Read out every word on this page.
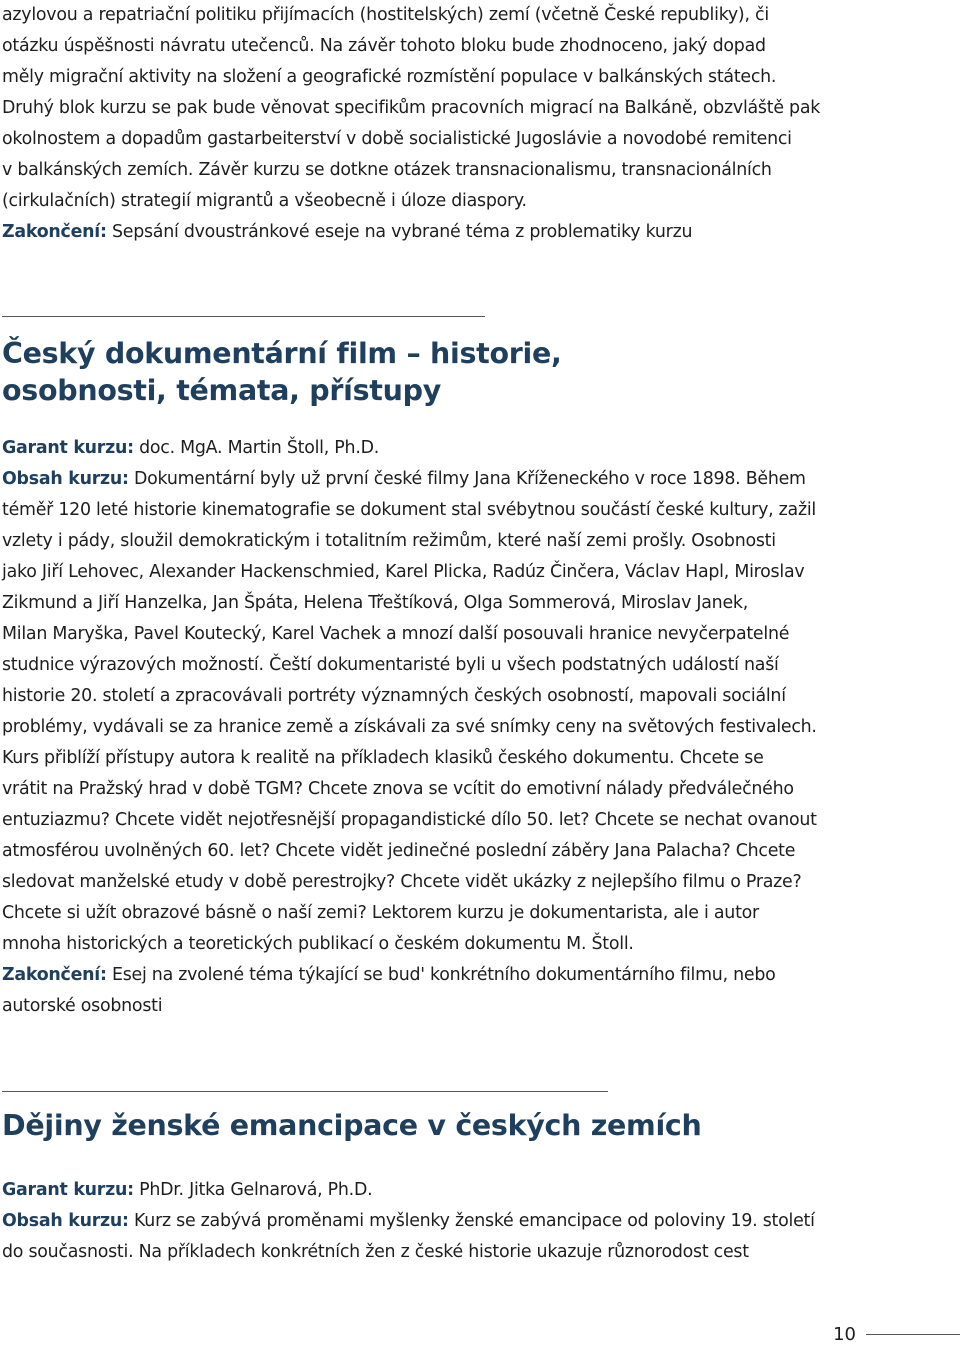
azylovou a repatriační politiku přijímacích (hostitelských) zemí (včetně České republiky), či

otázku úspěšnosti návratu utečenců. Na závěr tohoto bloku bude zhodnoceno, jaký dopad

měly migrační aktivity na složení a geografické rozmístění populace v balkánských státech.

Druhý blok kurzu se pak bude věnovat specifikům pracovních migrací na Balkáně, obzvláště pak

okolnostem a dopadům gastarbeiterství v době socialistické Jugoslávie a novodobé remitenci

v balkánských zemích. Závěr kurzu se dotkne otázek transnacionalismu, transnacionálních

(cirkulačních) strategií migrantů a všeobecně i úloze diaspory.

Zakončení: Sepsání dvoustránkové eseje na vybrané téma z problematiky kurzu

Český dokumentární film – historie,
osobnosti, témata, přístupy

Garant kurzu: doc. MgA. Martin Štoll, Ph.D.

Obsah kurzu: Dokumentární byly už první české filmy Jana Kříženeckého v roce 1898. Během

téměř 120 leté historie kinematografie se dokument stal svébytnou součástí české kultury, zažil

vzlety i pády, sloužil demokratickým i totalitním režimům, které naší zemi prošly. Osobnosti

jako Jiří Lehovec, Alexander Hackenschmied, Karel Plicka, Radúz Činčera, Václav Hapl, Miroslav

Zikmund a Jiří Hanzelka, Jan Špáta, Helena Třeštíková, Olga Sommerová, Miroslav Janek,

Milan Maryška, Pavel Koutecký, Karel Vachek a mnozí další posouvali hranice nevyčerpatelné

studnice výrazových možností. Čeští dokumentaristé byli u všech podstatných událostí naší

historie 20. století a zpracovávali portréty významných českých osobností, mapovali sociální

problémy, vydávali se za hranice země a získávali za své snímky ceny na světových festivalech.

Kurs přiblíží přístupy autora k realitě na příkladech klasiků českého dokumentu. Chcete se

vrátit na Pražský hrad v době TGM? Chcete znova se vcítit do emotivní nálady předválečného

entuziazmu? Chcete vidět nejotřesnější propagandistické dílo 50. let? Chcete se nechat ovanout

atmosférou uvolněných 60. let? Chcete vidět jedinečné poslední záběry Jana Palacha? Chcete

sledovat manželské etudy v době perestrojky? Chcete vidět ukázky z nejlepšího filmu o Praze?

Chcete si užít obrazové básně o naší zemi? Lektorem kurzu je dokumentarista, ale i autor

mnoha historických a teoretických publikací o českém dokumentu M. Štoll.

Zakončení: Esej na zvolené téma týkající se bud' konkrétního dokumentárního filmu, nebo

autorské osobnosti

Dějiny ženské emancipace v českých zemích

Garant kurzu: PhDr. Jitka Gelnarová, Ph.D.

Obsah kurzu: Kurz se zabývá proměnami myšlenky ženské emancipace od poloviny 19. století

do současnosti. Na příkladech konkrétních žen z české historie ukazuje různorodost cest

10
